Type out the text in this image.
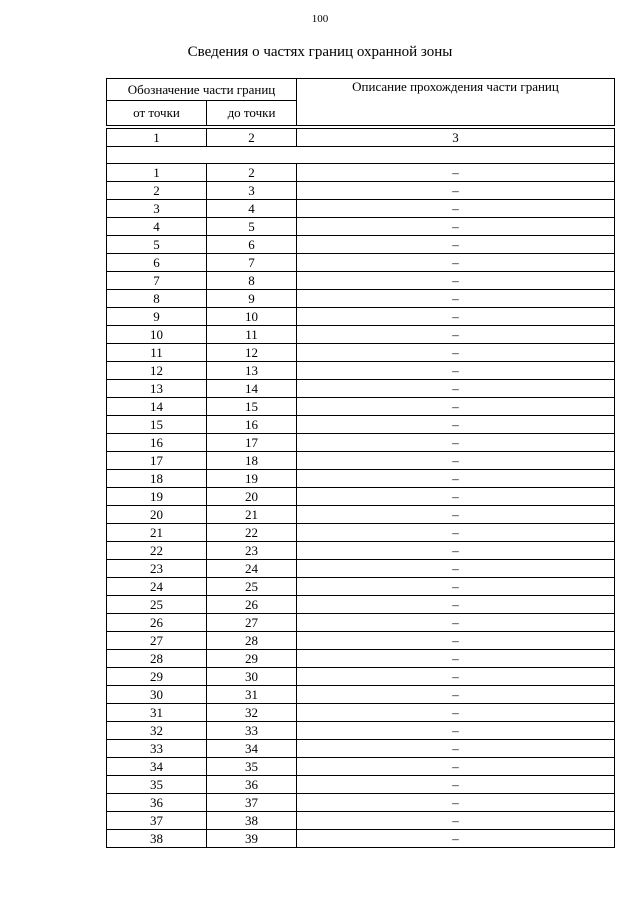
100
Сведения о частях границ охранной зоны
Обозначение части границ		Описание прохождения части границ
от точки	до точки	

1	2	3

1	2	–
2	3	–
3	4	–
4	5	–
5	6	–
6	7	–
7	8	–
8	9	–
9	10	–
10	11	–
11	12	–
12	13	–
13	14	–
14	15	–
15	16	–
16	17	–
17	18	–
18	19	–
19	20	–
20	21	–
21	22	–
22	23	–
23	24	–
24	25	–
25	26	–
26	27	–
27	28	–
28	29	–
29	30	–
30	31	–
31	32	–
32	33	–
33	34	–
34	35	–
35	36	–
36	37	–
37	38	–
38	39	–
